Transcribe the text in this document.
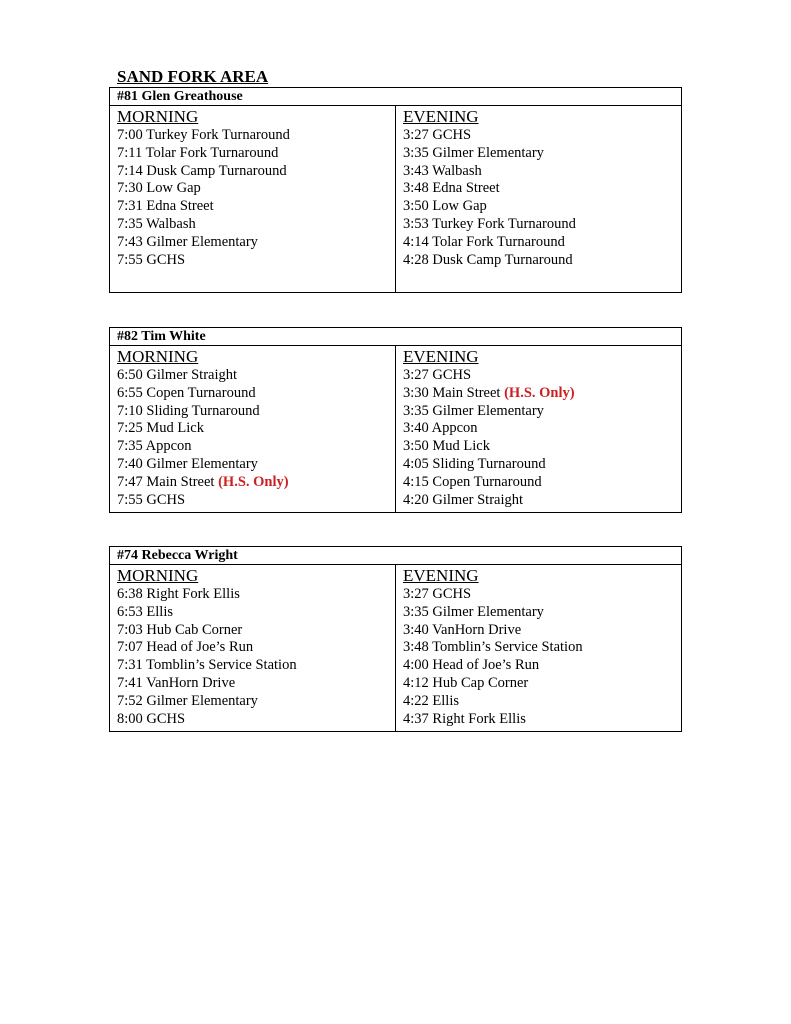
SAND FORK AREA
#81 Glen Greathouse
MORNING
7:00 Turkey Fork Turnaround
7:11 Tolar Fork Turnaround
7:14 Dusk Camp Turnaround
7:30 Low Gap
7:31 Edna Street
7:35 Walbash
7:43 Gilmer Elementary
7:55 GCHS
EVENING
3:27 GCHS
3:35 Gilmer Elementary
3:43 Walbash
3:48 Edna Street
3:50 Low Gap
3:53 Turkey Fork Turnaround
4:14 Tolar Fork Turnaround
4:28 Dusk Camp Turnaround
#82 Tim White
MORNING
6:50 Gilmer Straight
6:55 Copen Turnaround
7:10 Sliding Turnaround
7:25 Mud Lick
7:35 Appcon
7:40 Gilmer Elementary
7:47 Main Street (H.S. Only)
7:55 GCHS
EVENING
3:27 GCHS
3:30 Main Street (H.S. Only)
3:35 Gilmer Elementary
3:40 Appcon
3:50 Mud Lick
4:05 Sliding Turnaround
4:15 Copen Turnaround
4:20 Gilmer Straight
#74 Rebecca Wright
MORNING
6:38 Right Fork Ellis
6:53 Ellis
7:03 Hub Cab Corner
7:07 Head of Joe’s Run
7:31 Tomblin’s Service Station
7:41 VanHorn Drive
7:52 Gilmer Elementary
8:00 GCHS
EVENING
3:27 GCHS
3:35 Gilmer Elementary
3:40 VanHorn Drive
3:48 Tomblin’s Service Station
4:00 Head of Joe’s Run
4:12 Hub Cap Corner
4:22 Ellis
4:37 Right Fork Ellis
